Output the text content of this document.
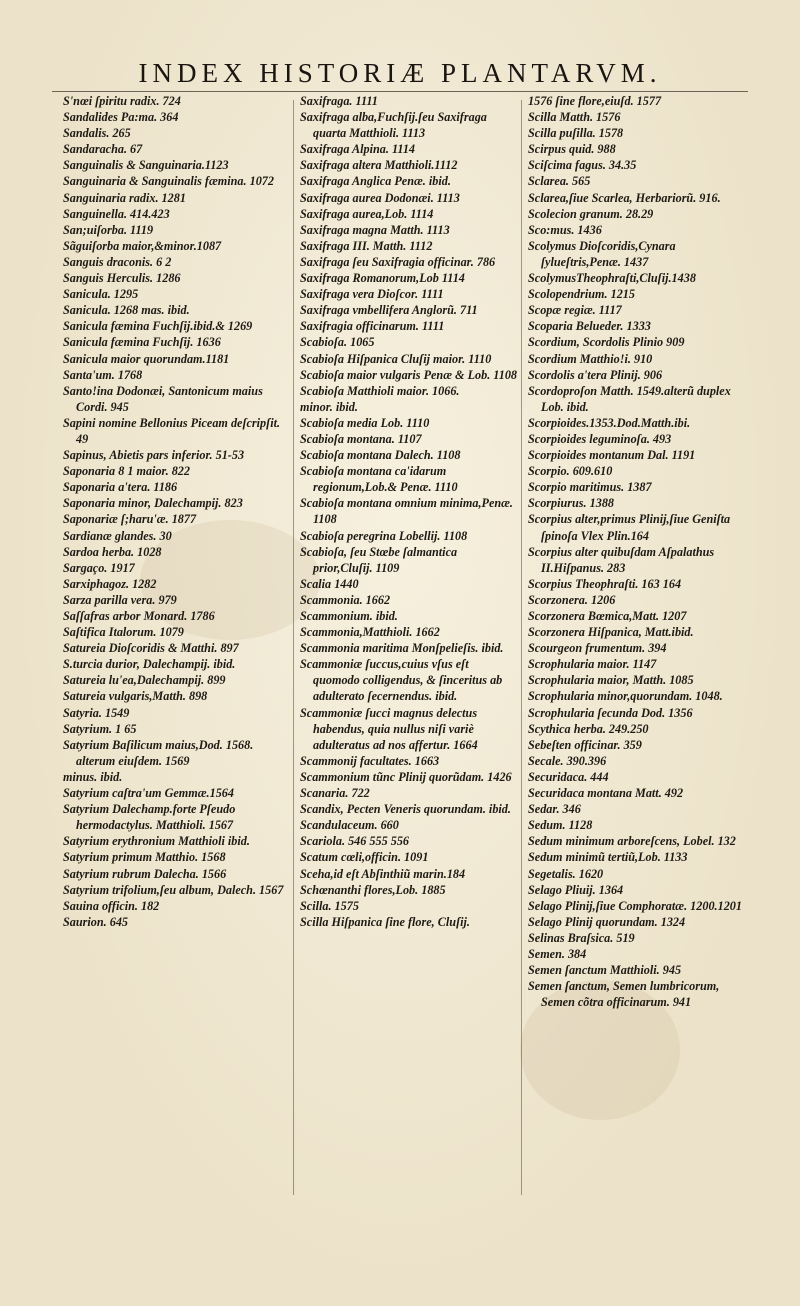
INDEX HISTORIÆ PLANTARVM.

S'nœi ſpiritu radix. 724

Sandalides Pa:ma. 364

Sandalis. 265

Sandaracha. 67

Sanguinalis & Sanguinaria.1123

Sanguinaria & Sanguinalis fæmina. 1072

Sanguinaria radix. 1281

Sanguinella. 414.423

San;uiſorba. 1119

Sãguiſorba maior,&minor.1087

Sanguis draconis. 6 2

Sanguis Herculis. 1286

Sanicula. 1295

Sanicula. 1268 mas. ibid.

Sanicula fæmina Fuchſij.ibid.& 1269

Sanicula fæmina Fuchſij. 1636

Sanicula maior quorundam.1181

Santa'um. 1768

Santo!ina Dodonæi, Santonicum maius Cordi. 945

Sapini nomine Bellonius Piceam deſcripſit. 49

Sapinus, Abietis pars inferior. 51-53

Saponaria 8 1 maior. 822

Saponaria a'tera. 1186

Saponaria minor, Dalechampij. 823

Saponariæ ſ;haru'æ. 1877

Sardianæ glandes. 30

Sardoa herba. 1028

Sargaço. 1917

Sarxiphagoz. 1282

Sarza parilla vera. 979

Saſſafras arbor Monard. 1786

Saſtifica Italorum. 1079

Satureia Dioſcoridis & Matthi. 897

S.turcia durior, Dalechampij. ibid.

Satureia lu'ea,Dalechampij. 899

Satureia vulgaris,Matth. 898

Satyria. 1549

Satyrium. 1 65

Satyrium Baſilicum maius,Dod. 1568. alterum eiuſdem. 1569

minus. ibid.

Satyrium caſtra'um Gemmæ.1564

Satyrium Dalechamp.forte Pſeudo hermodactylus. Matthioli. 1567

Satyrium erythronium Matthioli ibid.

Satyrium primum Matthio. 1568

Satyrium rubrum Dalecha. 1566

Satyrium trifolium,ſeu album, Dalech. 1567

Sauina officin. 182

Saurion. 645

Saxifraga. 1111

Saxifraga alba,Fuchſij.ſeu Saxifraga quarta Matthioli. 1113

Saxifraga Alpina. 1114

Saxifraga altera Matthioli.1112

Saxifraga Anglica Penæ. ibid.

Saxifraga aurea Dodonæi. 1113

Saxifraga aurea,Lob. 1114

Saxifraga magna Matth. 1113

Saxifraga III. Matth. 1112

Saxifraga ſeu Saxifragia officinar. 786

Saxifraga Romanorum,Lob 1114

Saxifraga vera Dioſcor. 1111

Saxifraga vmbellifera Anglorũ. 711

Saxifragia officinarum. 1111

Scabioſa. 1065

Scabioſa Hiſpanica Cluſij maior. 1110

Scabioſa maior vulgaris Penæ & Lob. 1108

Scabioſa Matthioli maior. 1066.

minor. ibid.

Scabioſa media Lob. 1110

Scabioſa montana. 1107

Scabioſa montana Dalech. 1108

Scabioſa montana ca'idarum regionum,Lob.& Penæ. 1110

Scabioſa montana omnium minima,Penæ. 1108

Scabioſa peregrina Lobellij. 1108

Scabioſa, ſeu Stœbe ſalmantica prior,Cluſij. 1109

Scalia 1440

Scammonia. 1662

Scammonium. ibid.

Scammonia,Matthioli. 1662

Scammonia maritima Monſpelieſis. ibid.

Scammoniæ ſuccus,cuius vſus eſt quomodo colligendus, & ſinceritus ab adulterato ſecernendus. ibid.

Scammoniæ ſucci magnus delectus habendus, quia nullus niſi variè adulteratus ad nos affertur. 1664

Scammonij facultates. 1663

Scammonium tũnc Plinij quorũdam. 1426

Scanaria. 722

Scandix, Pecten Veneris quorundam. ibid.

Scandulaceum. 660

Scariola. 546 555 556

Scatum cœli,officin. 1091

Sceha,id eſt Abſinthiũ marin.184

Schœnanthi flores,Lob. 1885

Scilla. 1575

Scilla Hiſpanica ſine flore, Cluſij.

1576 ſine flore,eiuſd. 1577

Scilla Matth. 1576

Scilla puſilla. 1578

Scirpus quid. 988

Sciſcima fagus. 34.35

Sclarea. 565

Sclarea,ſiue Scarlea, Herbariorũ. 916.

Scolecion granum. 28.29

Sco:mus. 1436

Scolymus Dioſcoridis,Cynara ſylueſtris,Penæ. 1437

ScolymusTheophraſti,Cluſij.1438

Scolopendrium. 1215

Scopæ regiæ. 1117

Scoparia Belueder. 1333

Scordium, Scordolis Plinio 909

Scordium Matthio!i. 910

Scordolis a'tera Plinij. 906

Scordoproſon Matth. 1549.alterũ duplex Lob. ibid.

Scorpioides.1353.Dod.Matth.ibi.

Scorpioides leguminoſa. 493

Scorpioides montanum Dal. 1191

Scorpio. 609.610

Scorpio maritimus. 1387

Scorpiurus. 1388

Scorpius alter,primus Plinij,ſiue Geniſta ſpinoſa Vlex Plin.164

Scorpius alter quibuſdam Aſpalathus II.Hiſpanus. 283

Scorpius Theophraſti. 163 164

Scorzonera. 1206

Scorzonera Bœmica,Matt. 1207

Scorzonera Hiſpanica, Matt.ibid.

Scourgeon frumentum. 394

Scrophularia maior. 1147

Scrophularia maior, Matth. 1085

Scrophularia minor,quorundam. 1048.

Scrophularia ſecunda Dod. 1356

Scythica herba. 249.250

Sebeſten officinar. 359

Secale. 390.396

Securidaca. 444

Securidaca montana Matt. 492

Sedar. 346

Sedum. 1128

Sedum minimum arboreſcens, Lobel. 132

Sedum minimũ tertiũ,Lob. 1133

Segetalis. 1620

Selago Pliuij. 1364

Selago Plinij,ſiue Comphoratæ. 1200.1201

Selago Plinij quorundam. 1324

Selinas Braſsica. 519

Semen. 384

Semen ſanctum Matthioli. 945

Semen ſanctum, Semen lumbricorum, Semen cõtra officinarum. 941
